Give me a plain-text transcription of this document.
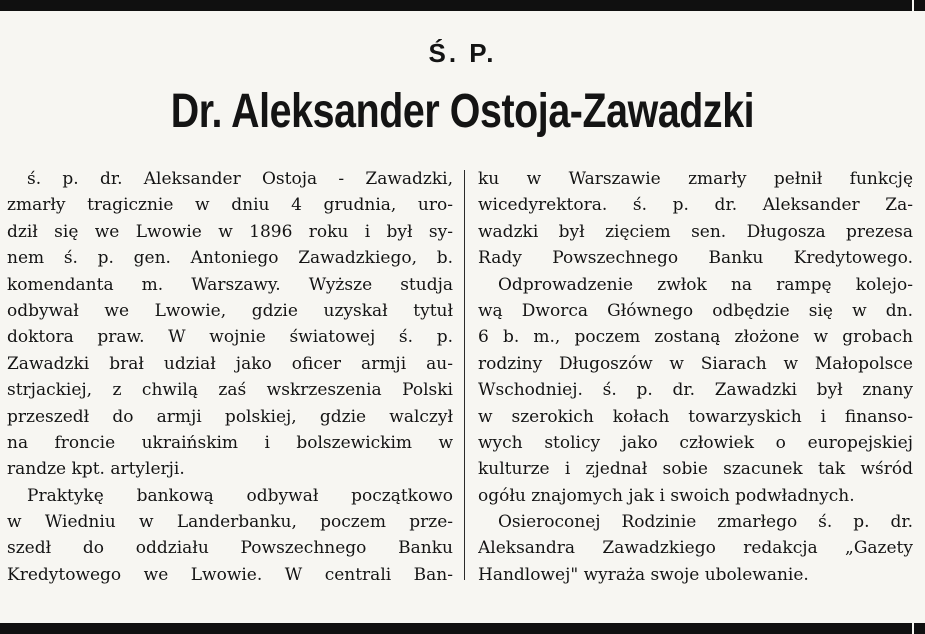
Ś. P.
Dr. Aleksander Ostoja-Zawadzki
ś. p. dr. Aleksander Ostoja - Zawadzki,
zmarły tragicznie w dniu 4 grudnia, uro-
dził się we Lwowie w 1896 roku i był sy-
nem ś. p. gen. Antoniego Zawadzkiego, b.
komendanta m. Warszawy. Wyższe studja
odbywał we Lwowie, gdzie uzyskał tytuł
doktora praw. W wojnie światowej ś. p.
Zawadzki brał udział jako oficer armji au-
strjackiej, z chwilą zaś wskrzeszenia Polski
przeszedł do armji polskiej, gdzie walczył
na froncie ukraińskim i bolszewickim w
randze kpt. artylerji.
Praktykę bankową odbywał początkowo
w Wiedniu w Landerbanku, poczem prze-
szedł do oddziału Powszechnego Banku
Kredytowego we Lwowie. W centrali Ban-
ku w Warszawie zmarły pełnił funkcję
wicedyrektora. ś. p. dr. Aleksander Za-
wadzki był zięciem sen. Długosza prezesa
Rady Powszechnego Banku Kredytowego.
Odprowadzenie zwłok na rampę kolejo-
wą Dworca Głównego odbędzie się w dn.
6 b. m., poczem zostaną złożone w grobach
rodziny Długoszów w Siarach w Małopolsce
Wschodniej. ś. p. dr. Zawadzki był znany
w szerokich kołach towarzyskich i finanso-
wych stolicy jako człowiek o europejskiej
kulturze i zjednał sobie szacunek tak wśród
ogółu znajomych jak i swoich podwładnych.
Osieroconej Rodzinie zmarłego ś. p. dr.
Aleksandra Zawadzkiego redakcja „Gazety
Handlowej" wyraża swoje ubolewanie.
